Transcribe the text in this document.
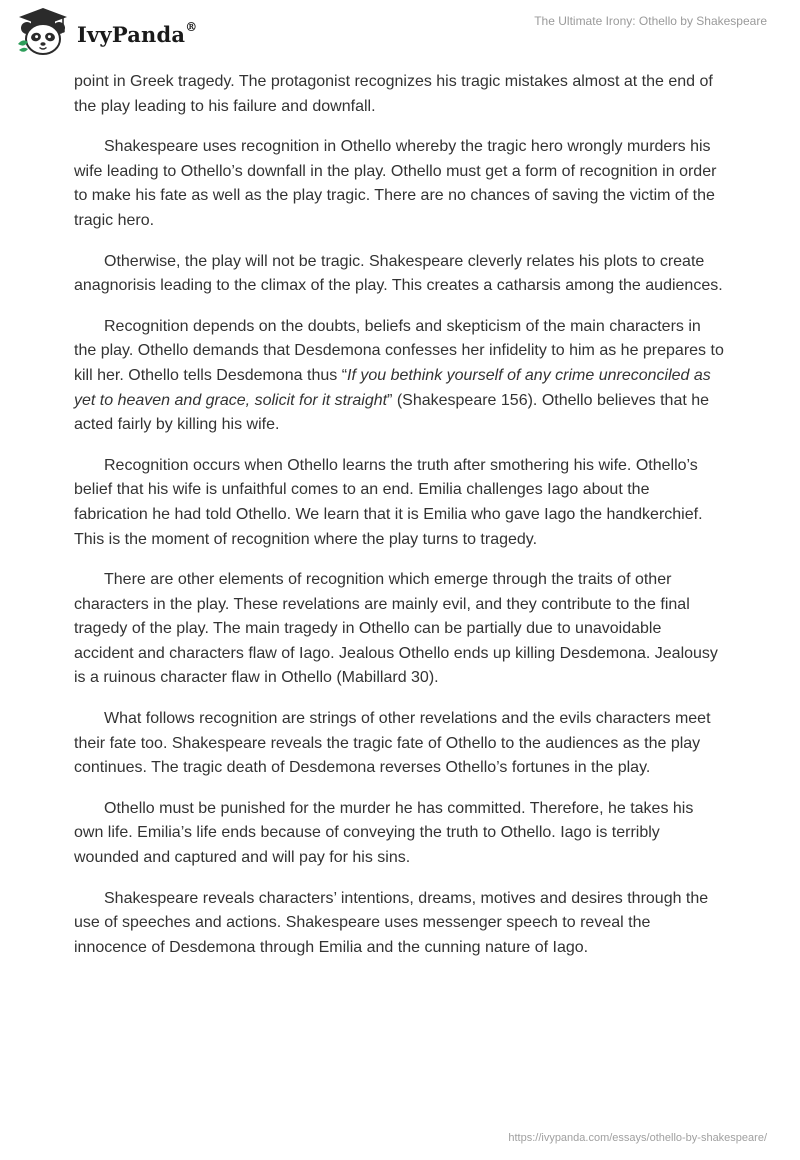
IvyPanda®	The Ultimate Irony: Othello by Shakespeare

point in Greek tragedy. The protagonist recognizes his tragic mistakes almost at the end of the play leading to his failure and downfall.

Shakespeare uses recognition in Othello whereby the tragic hero wrongly murders his wife leading to Othello’s downfall in the play. Othello must get a form of recognition in order to make his fate as well as the play tragic. There are no chances of saving the victim of the tragic hero.

Otherwise, the play will not be tragic. Shakespeare cleverly relates his plots to create anagnorisis leading to the climax of the play. This creates a catharsis among the audiences.

Recognition depends on the doubts, beliefs and skepticism of the main characters in the play. Othello demands that Desdemona confesses her infidelity to him as he prepares to kill her. Othello tells Desdemona thus “If you bethink yourself of any crime unreconciled as yet to heaven and grace, solicit for it straight” (Shakespeare 156). Othello believes that he acted fairly by killing his wife.

Recognition occurs when Othello learns the truth after smothering his wife. Othello’s belief that his wife is unfaithful comes to an end. Emilia challenges Iago about the fabrication he had told Othello. We learn that it is Emilia who gave Iago the handkerchief. This is the moment of recognition where the play turns to tragedy.

There are other elements of recognition which emerge through the traits of other characters in the play. These revelations are mainly evil, and they contribute to the final tragedy of the play. The main tragedy in Othello can be partially due to unavoidable accident and characters flaw of Iago. Jealous Othello ends up killing Desdemona. Jealousy is a ruinous character flaw in Othello (Mabillard 30).

What follows recognition are strings of other revelations and the evils characters meet their fate too. Shakespeare reveals the tragic fate of Othello to the audiences as the play continues. The tragic death of Desdemona reverses Othello’s fortunes in the play.

Othello must be punished for the murder he has committed. Therefore, he takes his own life. Emilia’s life ends because of conveying the truth to Othello. Iago is terribly wounded and captured and will pay for his sins.

Shakespeare reveals characters’ intentions, dreams, motives and desires through the use of speeches and actions. Shakespeare uses messenger speech to reveal the innocence of Desdemona through Emilia and the cunning nature of Iago.

https://ivypanda.com/essays/othello-by-shakespeare/
